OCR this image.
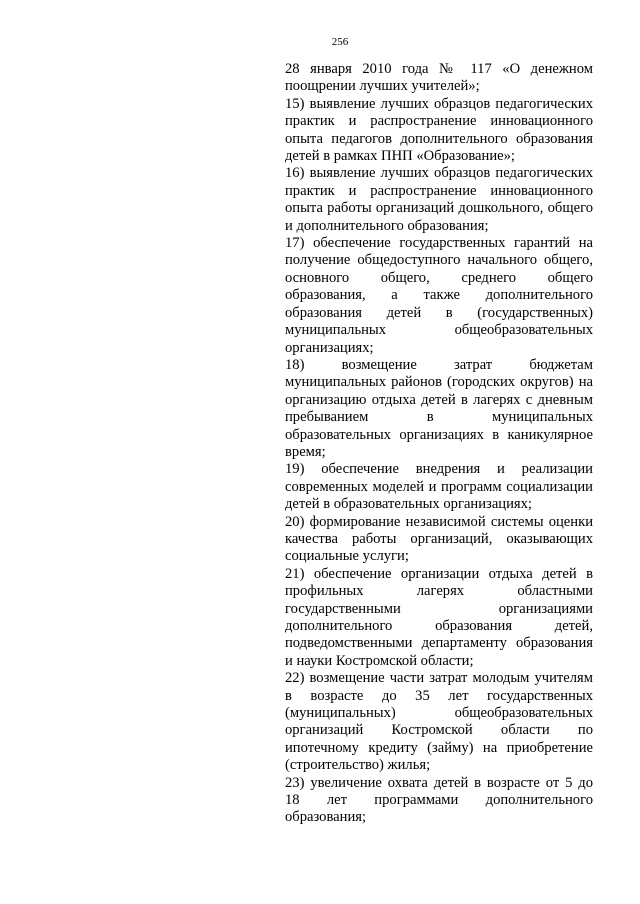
256

28 января 2010 года № 117 «О денежном поощрении лучших учителей»;

15) выявление лучших образцов педагогических практик и распространение инновационного опыта педагогов дополнительного образования детей в рамках ПНП «Образование»;

16) выявление лучших образцов педагогических практик и распространение инновационного опыта работы организаций дошкольного, общего и дополнительного образования;

17) обеспечение государственных гарантий на получение общедоступного начального общего, основного общего, среднего общего образования, а также дополнительного образования детей в (государственных) муниципальных общеобразовательных организациях;

18) возмещение затрат бюджетам муниципальных районов (городских округов) на организацию отдыха детей в лагерях с дневным пребыванием в муниципальных образовательных организациях в каникулярное время;

19) обеспечение внедрения и реализации современных моделей и программ социализации детей в образовательных организациях;

20) формирование независимой системы оценки качества работы организаций, оказывающих социальные услуги;

21) обеспечение организации отдыха детей в профильных лагерях областными государственными организациями дополнительного образования детей, подведомственными департаменту образования и науки Костромской области;

22) возмещение части затрат молодым учителям в возрасте до 35 лет государственных (муниципальных) общеобразовательных организаций Костромской области по ипотечному кредиту (займу) на приобретение (строительство) жилья;

23) увеличение охвата детей в возрасте от 5 до 18 лет программами дополнительного образования;
